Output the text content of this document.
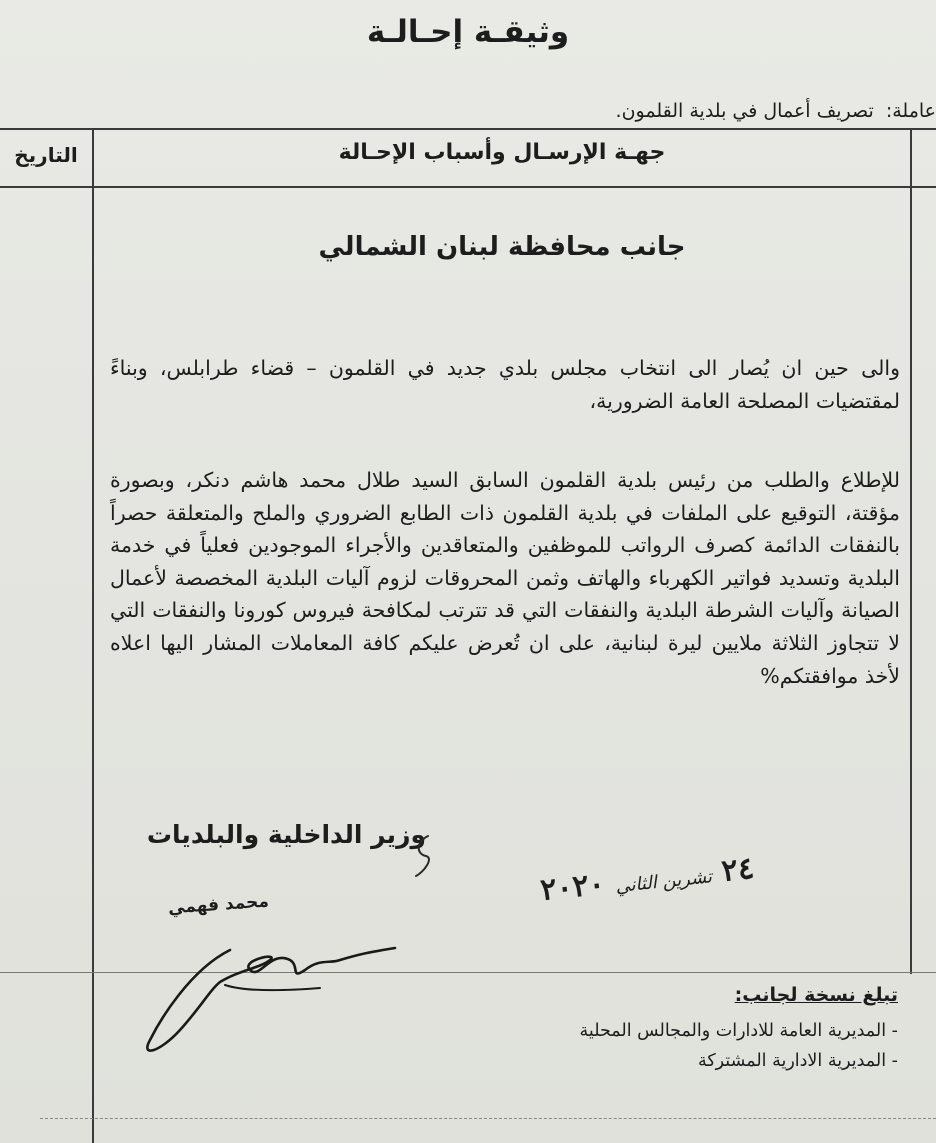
وثيقـة إحـالـة
عاملة:تصريف أعمال في بلدية القلمون.
جهـة الإرسـال وأسباب الإحـالة
التاريخ
جانب محافظة لبنان الشمالي
والى حين ان يُصار الى انتخاب مجلس بلدي جديد في القلمون – قضاء طرابلس، وبناءً لمقتضيات المصلحة العامة الضرورية،
للإطلاع والطلب من رئيس بلدية القلمون السابق السيد طلال محمد هاشم دنكر، وبصورة مؤقتة، التوقيع على الملفات في بلدية القلمون ذات الطابع الضروري والملح والمتعلقة حصراً بالنفقات الدائمة كصرف الرواتب للموظفين والمتعاقدين والأجراء الموجودين فعلياً في خدمة البلدية وتسديد فواتير الكهرباء والهاتف وثمن المحروقات لزوم آليات البلدية المخصصة لأعمال الصيانة وآليات الشرطة البلدية والنفقات التي قد تترتب لمكافحة فيروس كورونا والنفقات التي لا تتجاوز الثلاثة ملايين ليرة لبنانية، على ان تُعرض عليكم كافة المعاملات المشار اليها اعلاه لأخذ موافقتكم%
وزير الداخلية والبلديات
٢٤ تشرين الثاني ٢٠٢٠
محمد فهمي
تبلغ نسخة لجانب:
- المديرية العامة للادارات والمجالس المحلية
- المديرية الادارية المشتركة
